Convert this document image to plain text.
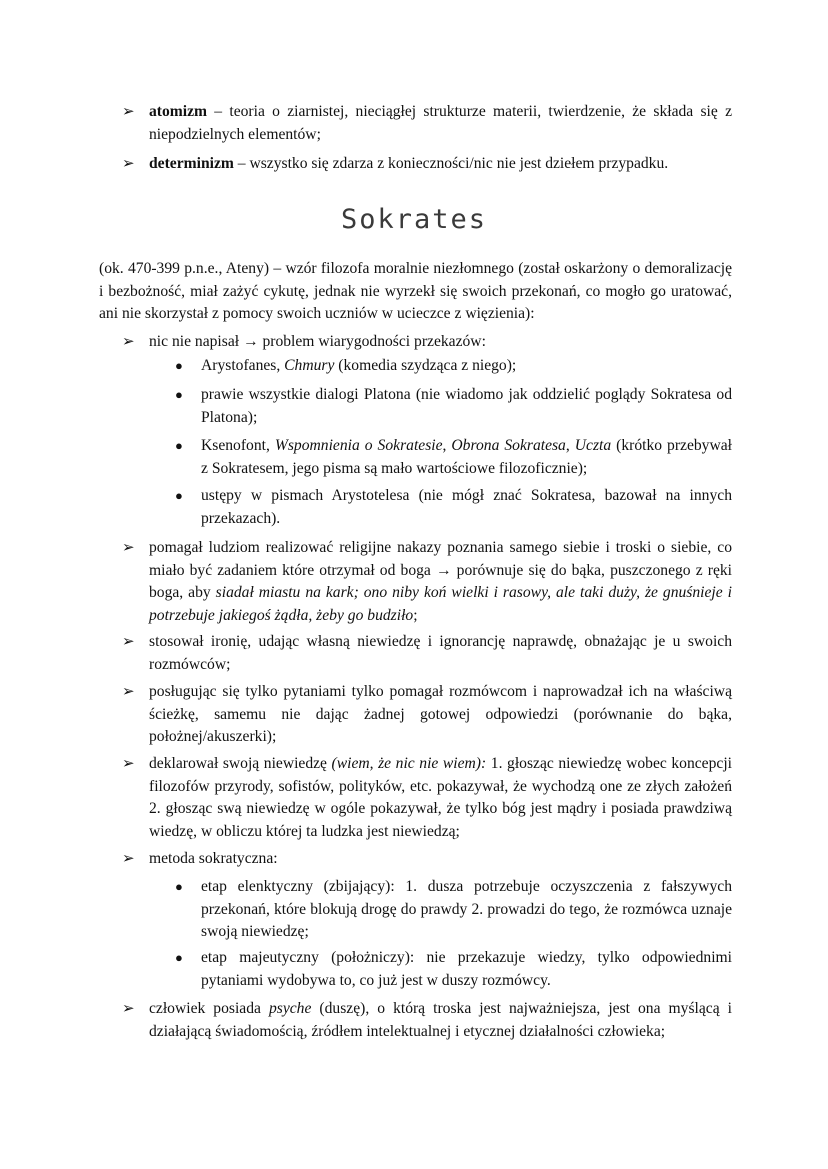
➢ atomizm – teoria o ziarnistej, nieciągłej strukturze materii, twierdzenie, że składa się z niepodzielnych elementów;

➢ determinizm – wszystko się zdarza z konieczności/nic nie jest dziełem przypadku.

Sokrates

(ok. 470-399 p.n.e., Ateny) – wzór filozofa moralnie niezłomnego (został oskarżony o demoralizację i bezbożność, miał zażyć cykutę, jednak nie wyrzekł się swoich przekonań, co mogło go uratować, ani nie skorzystał z pomocy swoich uczniów w ucieczce z więzienia):

➢ nic nie napisał → problem wiarygodności przekazów:

● Arystofanes, Chmury (komedia szydząca z niego);

● prawie wszystkie dialogi Platona (nie wiadomo jak oddzielić poglądy Sokratesa od Platona);

● Ksenofont, Wspomnienia o Sokratesie, Obrona Sokratesa, Uczta (krótko przebywał z Sokratesem, jego pisma są mało wartościowe filozoficznie);

● ustępy w pismach Arystotelesa (nie mógł znać Sokratesa, bazował na innych przekazach).

➢ pomagał ludziom realizować religijne nakazy poznania samego siebie i troski o siebie, co miało być zadaniem które otrzymał od boga → porównuje się do bąka, puszczonego z ręki boga, aby siadał miastu na kark; ono niby koń wielki i rasowy, ale taki duży, że gnuśnieje i potrzebuje jakiegoś żądła, żeby go budziło;

➢ stosował ironię, udając własną niewiedzę i ignorancję naprawdę, obnażając je u swoich rozmówców;

➢ posługując się tylko pytaniami tylko pomagał rozmówcom i naprowadzał ich na właściwą ścieżkę, samemu nie dając żadnej gotowej odpowiedzi (porównanie do bąka, położnej/akuszerki);

➢ deklarował swoją niewiedzę (wiem, że nic nie wiem): 1. głosząc niewiedzę wobec koncepcji filozofów przyrody, sofistów, polityków, etc. pokazywał, że wychodzą one ze złych założeń 2. głosząc swą niewiedzę w ogóle pokazywał, że tylko bóg jest mądry i posiada prawdziwą wiedzę, w obliczu której ta ludzka jest niewiedzą;

➢ metoda sokratyczna:

● etap elenktyczny (zbijający): 1. dusza potrzebuje oczyszczenia z fałszywych przekonań, które blokują drogę do prawdy 2. prowadzi do tego, że rozmówca uznaje swoją niewiedzę;

● etap majeutyczny (położniczy): nie przekazuje wiedzy, tylko odpowiednimi pytaniami wydobywa to, co już jest w duszy rozmówcy.

➢ człowiek posiada psyche (duszę), o którą troska jest najważniejsza, jest ona myślącą i działającą świadomością, źródłem intelektualnej i etycznej działalności człowieka;
